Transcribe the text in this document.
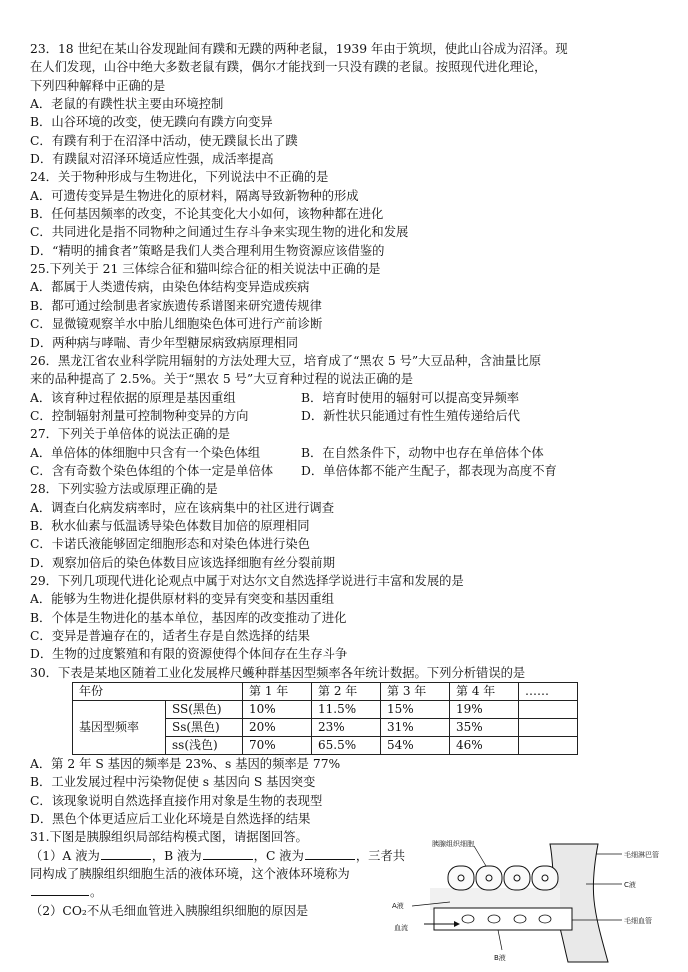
23．18 世纪在某山谷发现趾间有蹼和无蹼的两种老鼠，1939 年由于筑坝，使此山谷成为沼泽。现
在人们发现，山谷中绝大多数老鼠有蹼，偶尔才能找到一只没有蹼的老鼠。按照现代进化理论，
下列四种解释中正确的是
A．老鼠的有蹼性状主要由环境控制
B．山谷环境的改变，使无蹼向有蹼方向变异
C．有蹼有利于在沼泽中活动，使无蹼鼠长出了蹼
D．有蹼鼠对沼泽环境适应性强，成活率提高
24．关于物种形成与生物进化，下列说法中不正确的是
A．可遗传变异是生物进化的原材料，隔离导致新物种的形成
B．任何基因频率的改变，不论其变化大小如何，该物种都在进化
C．共同进化是指不同物种之间通过生存斗争来实现生物的进化和发展
D．“精明的捕食者”策略是我们人类合理利用生物资源应该借鉴的
25.下列关于 21 三体综合征和猫叫综合征的相关说法中正确的是
A．都属于人类遗传病，由染色体结构变异造成疾病
B．都可通过绘制患者家族遗传系谱图来研究遗传规律
C．显微镜观察羊水中胎儿细胞染色体可进行产前诊断
D．两种病与哮喘、青少年型糖尿病致病原理相同
26．黑龙江省农业科学院用辐射的方法处理大豆，培育成了“黑农 5 号”大豆品种，含油量比原
来的品种提高了 2.5%。关于“黑农 5 号”大豆育种过程的说法正确的是
A．该育种过程依据的原理是基因重组	B．培育时使用的辐射可以提高变异频率
C．控制辐射剂量可控制物种变异的方向	D．新性状只能通过有性生殖传递给后代
27．下列关于单倍体的说法正确的是
A．单倍体的体细胞中只含有一个染色体组	B．在自然条件下，动物中也存在单倍体个体
C．含有奇数个染色体组的个体一定是单倍体	D．单倍体都不能产生配子，都表现为高度不育
28．下列实验方法或原理正确的是
A．调查白化病发病率时，应在该病集中的社区进行调查
B．秋水仙素与低温诱导染色体数目加倍的原理相同
C．卡诺氏液能够固定细胞形态和对染色体进行染色
D．观察加倍后的染色体数目应该选择细胞有丝分裂前期
29．下列几项现代进化论观点中属于对达尔文自然选择学说进行丰富和发展的是
A．能够为生物进化提供原材料的变异有突变和基因重组
B．个体是生物进化的基本单位，基因库的改变推动了进化
C．变异是普遍存在的，适者生存是自然选择的结果
D．生物的过度繁殖和有限的资源使得个体间存在生存斗争
30．下表是某地区随着工业化发展桦尺蠖种群基因型频率各年统计数据。下列分析错误的是
年份		第 1 年	第 2 年	第 3 年	第 4 年	……
基因型频率	SS(黑色)	10%	11.5%	15%	19%	
	Ss(黑色)	20%	23%	31%	35%	
	ss(浅色)	70%	65.5%	54%	46%	
A．第 2 年 S 基因的频率是 23%、s 基因的频率是 77%
B．工业发展过程中污染物促使 s 基因向 S 基因突变
C．该现象说明自然选择直接作用对象是生物的表现型
D．黑色个体更适应后工业化环境是自然选择的结果
31.下图是胰腺组织局部结构模式图，请据图回答。
（1）A 液为	，B 液为	，C 液为	，三者共
同构成了胰腺组织细胞生活的液体环境，这个液体环境称为
。
（2）CO₂不从毛细血管进入胰腺组织细胞的原因是
胰腺组织细胞
毛细淋巴管
C液
A液
血流
毛细血管
B液
